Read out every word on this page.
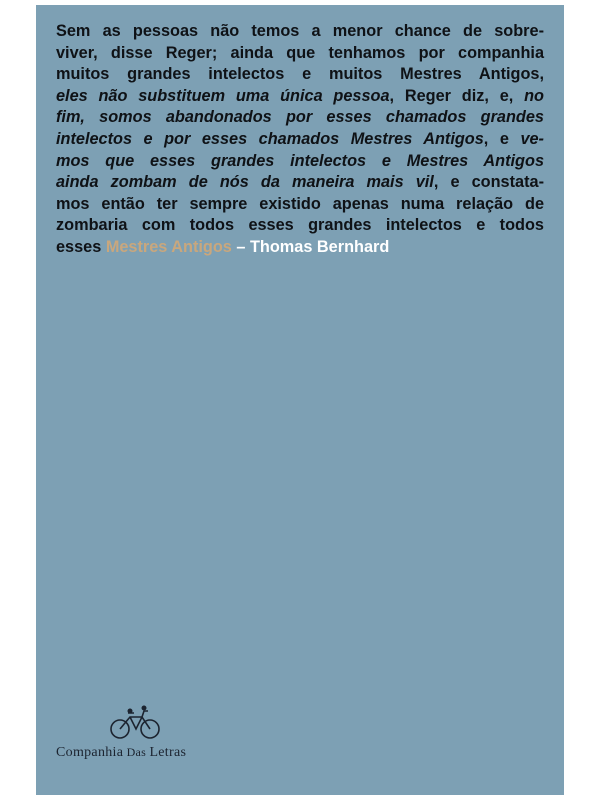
Sem as pessoas não temos a menor chance de sobre-
viver, disse Reger; ainda que tenhamos por companhia
muitos grandes intelectos e muitos Mestres Antigos,
eles não substituem uma única pessoa, Reger diz, e, no
fim, somos abandonados por esses chamados grandes
intelectos e por esses chamados Mestres Antigos, e ve-
mos que esses grandes intelectos e Mestres Antigos
ainda zombam de nós da maneira mais vil, e constata-
mos então ter sempre existido apenas numa relação de
zombaria com todos esses grandes intelectos e todos
esses Mestres Antigos – Thomas Bernhard

Companhia Das Letras
